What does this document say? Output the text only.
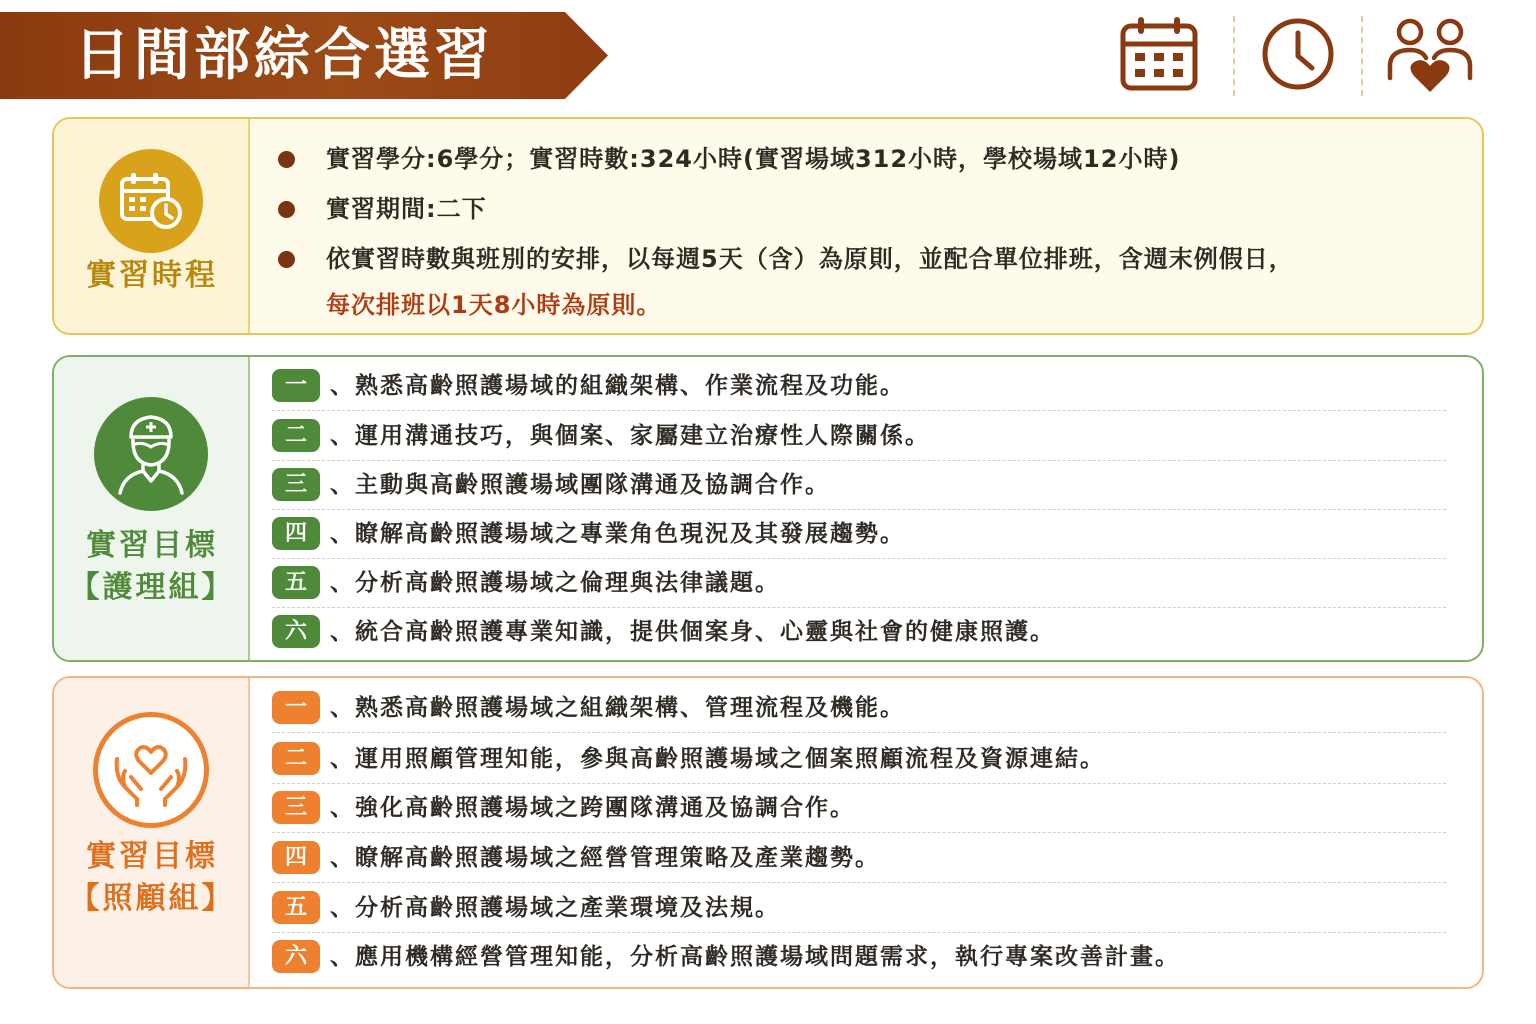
日間部綜合選習
實習時程
實習學分:6學分；實習時數:324小時(實習場域312小時，學校場域12小時)
實習期間:二下
依實習時數與班別的安排，以每週5天（含）為原則，並配合單位排班，含週末例假日，
每次排班以1天8小時為原則。
實習目標
【護理組】
一	、熟悉高齡照護場域的組織架構、作業流程及功能。
二	、運用溝通技巧，與個案、家屬建立治療性人際關係。
三	、主動與高齡照護場域團隊溝通及協調合作。
四	、瞭解高齡照護場域之專業角色現況及其發展趨勢。
五	、分析高齡照護場域之倫理與法律議題。
六	、統合高齡照護專業知識，提供個案身、心靈與社會的健康照護。
實習目標
【照顧組】
一	、熟悉高齡照護場域之組織架構、管理流程及機能。
二	、運用照顧管理知能，參與高齡照護場域之個案照顧流程及資源連結。
三	、強化高齡照護場域之跨團隊溝通及協調合作。
四	、瞭解高齡照護場域之經營管理策略及產業趨勢。
五	、分析高齡照護場域之產業環境及法規。
六	、應用機構經營管理知能，分析高齡照護場域問題需求，執行專案改善計畫。
